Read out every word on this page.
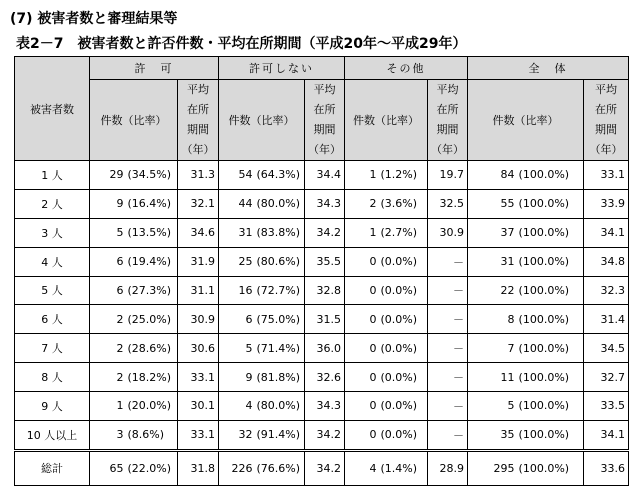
(7) 被害者数と審理結果等
表2－7　被害者数と許否件数・平均在所期間（平成20年～平成29年）
被害者数	許　可			許可しない			その他			全　体		
	件数（比率）		平均
在所
期間
（年）	件数（比率）		平均
在所
期間
（年）	件数（比率）		平均
在所
期間
（年）	件数（比率）		平均
在所
期間
（年）

1 人	29	(34.5%)	31.3	54	(64.3%)	34.4	1	(1.2%)	19.7	84	(100.0%)	33.1
2 人	9	(16.4%)	32.1	44	(80.0%)	34.3	2	(3.6%)	32.5	55	(100.0%)	33.9
3 人	5	(13.5%)	34.6	31	(83.8%)	34.2	1	(2.7%)	30.9	37	(100.0%)	34.1
4 人	6	(19.4%)	31.9	25	(80.6%)	35.5	0	(0.0%)	－	31	(100.0%)	34.8
5 人	6	(27.3%)	31.1	16	(72.7%)	32.8	0	(0.0%)	－	22	(100.0%)	32.3
6 人	2	(25.0%)	30.9	6	(75.0%)	31.5	0	(0.0%)	－	8	(100.0%)	31.4
7 人	2	(28.6%)	30.6	5	(71.4%)	36.0	0	(0.0%)	－	7	(100.0%)	34.5
8 人	2	(18.2%)	33.1	9	(81.8%)	32.6	0	(0.0%)	－	11	(100.0%)	32.7
9 人	1	(20.0%)	30.1	4	(80.0%)	34.3	0	(0.0%)	－	5	(100.0%)	33.5
10 人以上	3	(8.6%)	33.1	32	(91.4%)	34.2	0	(0.0%)	－	35	(100.0%)	34.1
総計	65	(22.0%)	31.8	226	(76.6%)	34.2	4	(1.4%)	28.9	295	(100.0%)	33.6
